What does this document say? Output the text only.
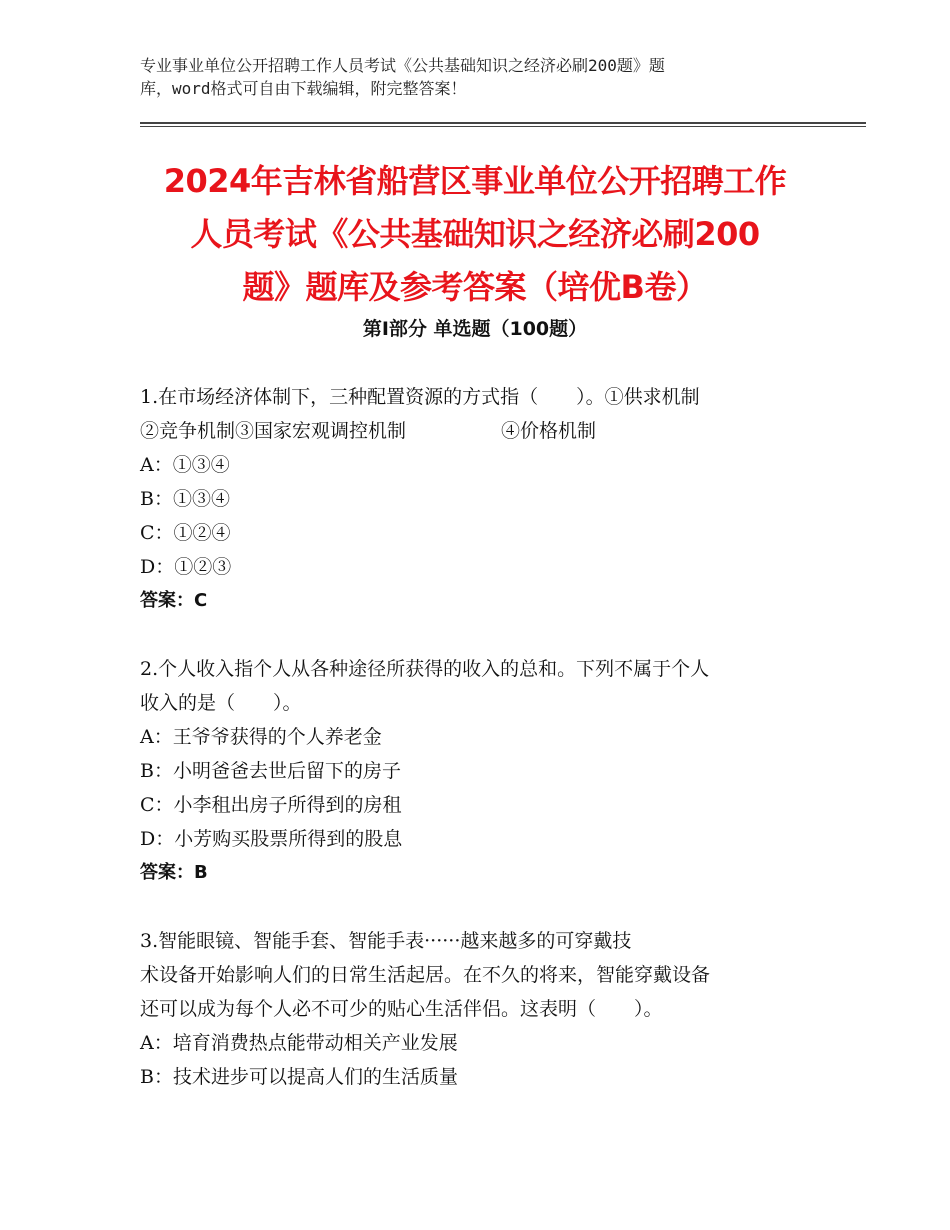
专业事业单位公开招聘工作人员考试《公共基础知识之经济必刷200题》题
库，word格式可自由下载编辑，附完整答案！
2024年吉林省船营区事业单位公开招聘工作
人员考试《公共基础知识之经济必刷200
题》题库及参考答案（培优B卷）
第Ⅰ部分 单选题（100题）
1.在市场经济体制下，三种配置资源的方式指（　　）。①供求机制
②竞争机制③国家宏观调控机制　　　　　④价格机制
A：①③④
B：①③④
C：①②④
D：①②③
答案：C
2.个人收入指个人从各种途径所获得的收入的总和。下列不属于个人
收入的是（　　）。
A：王爷爷获得的个人养老金
B：小明爸爸去世后留下的房子
C：小李租出房子所得到的房租
D：小芳购买股票所得到的股息
答案：B
3.智能眼镜、智能手套、智能手表······越来越多的可穿戴技
术设备开始影响人们的日常生活起居。在不久的将来，智能穿戴设备
还可以成为每个人必不可少的贴心生活伴侣。这表明（　　）。
A：培育消费热点能带动相关产业发展
B：技术进步可以提高人们的生活质量
